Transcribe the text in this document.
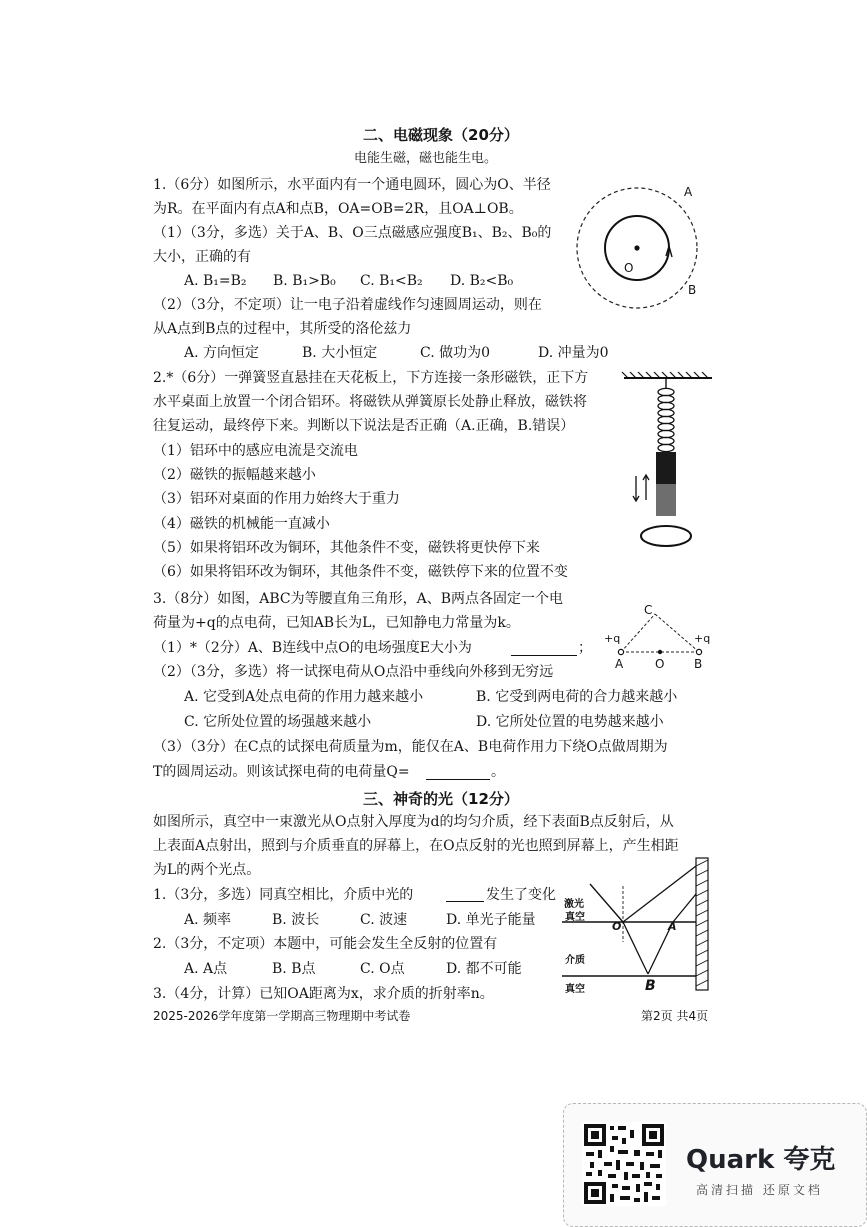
二、电磁现象（20分）
电能生磁，磁也能生电。
1.（6分）如图所示，水平面内有一个通电圆环，圆心为O、半径
为R。在平面内有点A和点B，OA=OB=2R，且OA⊥OB。
（1）（3分，多选）关于A、B、O三点磁感应强度B₁、B₂、B₀的
大小，正确的有
A. B₁=B₂ B. B₁>B₀ C. B₁<B₂ D. B₂<B₀
（2）（3分，不定项）让一电子沿着虚线作匀速圆周运动，则在
从A点到B点的过程中，其所受的洛伦兹力
A. 方向恒定	B. 大小恒定	C. 做功为0	D. 冲量为0
A
B
O
2.*（6分）一弹簧竖直悬挂在天花板上，下方连接一条形磁铁，正下方
水平桌面上放置一个闭合铝环。将磁铁从弹簧原长处静止释放，磁铁将
往复运动，最终停下来。判断以下说法是否正确（A.正确，B.错误）
（1）铝环中的感应电流是交流电
（2）磁铁的振幅越来越小
（3）铝环对桌面的作用力始终大于重力
（4）磁铁的机械能一直减小
（5）如果将铝环改为铜环，其他条件不变，磁铁将更快停下来
（6）如果将铝环改为铜环，其他条件不变，磁铁停下来的位置不变
3.（8分）如图，ABC为等腰直角三角形，A、B两点各固定一个电
荷量为+q的点电荷，已知AB长为L，已知静电力常量为k。
（1）*（2分）A、B连线中点O的电场强度E大小为	；
（2）（3分，多选）将一试探电荷从O点沿中垂线向外移到无穷远
A. 它受到A处点电荷的作用力越来越小	B. 它受到两电荷的合力越来越小
C. 它所处位置的场强越来越小	D. 它所处位置的电势越来越小
（3）（3分）在C点的试探电荷质量为m，能仅在A、B电荷作用力下绕O点做周期为
T的圆周运动。则该试探电荷的电荷量Q=	。
C
+q	+q
A	O B
三、神奇的光（12分）
如图所示，真空中一束激光从O点射入厚度为d的均匀介质，经下表面B点反射后，从
上表面A点射出，照到与介质垂直的屏幕上，在O点反射的光也照到屏幕上，产生相距
为L的两个光点。
1.（3分，多选）同真空相比，介质中光的	发生了变化
A. 频率	B. 波长	C. 波速	D. 单光子能量
2.（3分，不定项）本题中，可能会发生全反射的位置有
A. A点	B. B点	C. O点	D. 都不可能
3.（4分，计算）已知OA距离为x，求介质的折射率n。
激光
真空
介质
真空
O	A
B
2025-2026学年度第一学期高三物理期中考试卷	第2页 共4页
Quark 夸克
高清扫描 还原文档
